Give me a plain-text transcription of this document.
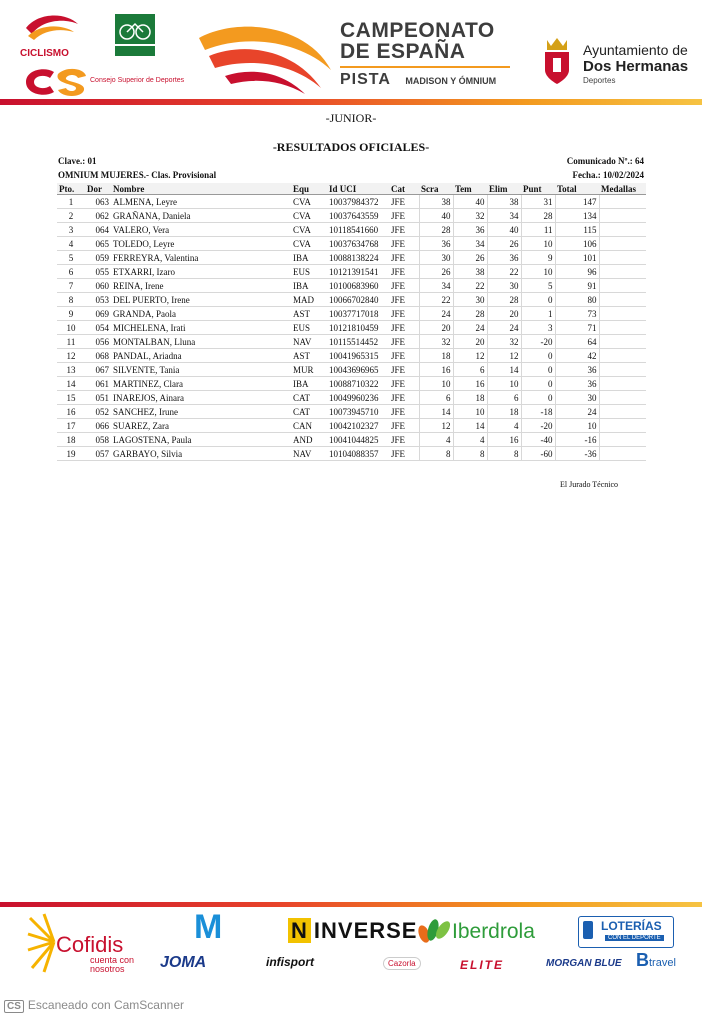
CICLISMO
Consejo Superior de Deportes
CAMPEONATO
DE ESPAÑA
PISTA MADISON Y ÓMNIUM
Ayuntamiento de
Dos Hermanas
Deportes
-JUNIOR-
-RESULTADOS OFICIALES-
Clave.: 01	Comunicado Nº.: 64
OMNIUM MUJERES.- Clas. Provisional	Fecha.: 10/02/2024
Pto.	Dor	Nombre	Equ	Id UCI	Cat	Scra	Tem	Elim	Punt	Total	Medallas
1	063	ALMENA, Leyre	CVA	10037984372	JFE	38	40	38	31	147	
2	062	GRAÑANA, Daniela	CVA	10037643559	JFE	40	32	34	28	134	
3	064	VALERO, Vera	CVA	10118541660	JFE	28	36	40	11	115	
4	065	TOLEDO, Leyre	CVA	10037634768	JFE	36	34	26	10	106	
5	059	FERREYRA, Valentina	IBA	10088138224	JFE	30	26	36	9	101	
6	055	ETXARRI, Izaro	EUS	10121391541	JFE	26	38	22	10	96	
7	060	REINA, Irene	IBA	10100683960	JFE	34	22	30	5	91	
8	053	DEL PUERTO, Irene	MAD	10066702840	JFE	22	30	28	0	80	
9	069	GRANDA, Paola	AST	10037717018	JFE	24	28	20	1	73	
10	054	MICHELENA, Irati	EUS	10121810459	JFE	20	24	24	3	71	
11	056	MONTALBAN, Lluna	NAV	10115514452	JFE	32	20	32	-20	64	
12	068	PANDAL, Ariadna	AST	10041965315	JFE	18	12	12	0	42	
13	067	SILVENTE, Tania	MUR	10043696965	JFE	16	6	14	0	36	
14	061	MARTINEZ, Clara	IBA	10088710322	JFE	10	16	10	0	36	
15	051	INAREJOS, Ainara	CAT	10049960236	JFE	6	18	6	0	30	
16	052	SANCHEZ, Irune	CAT	10073945710	JFE	14	10	18	-18	24	
17	066	SUAREZ, Zara	CAN	10042102327	JFE	12	14	4	-20	10	
18	058	LAGOSTENA, Paula	AND	10041044825	JFE	4	4	16	-40	-16	
19	057	GARBAYO, Silvia	NAV	10104088357	JFE	8	8	8	-60	-36	
El Jurado Técnico
Cofidis
cuenta con nosotros
M
JOMA
N INVERSE
infisport	Cazorla
Iberdrola
ELITE
LOTERÍAS
CON EL DEPORTE
MORGAN BLUE Btravel
CS Escaneado con CamScanner
